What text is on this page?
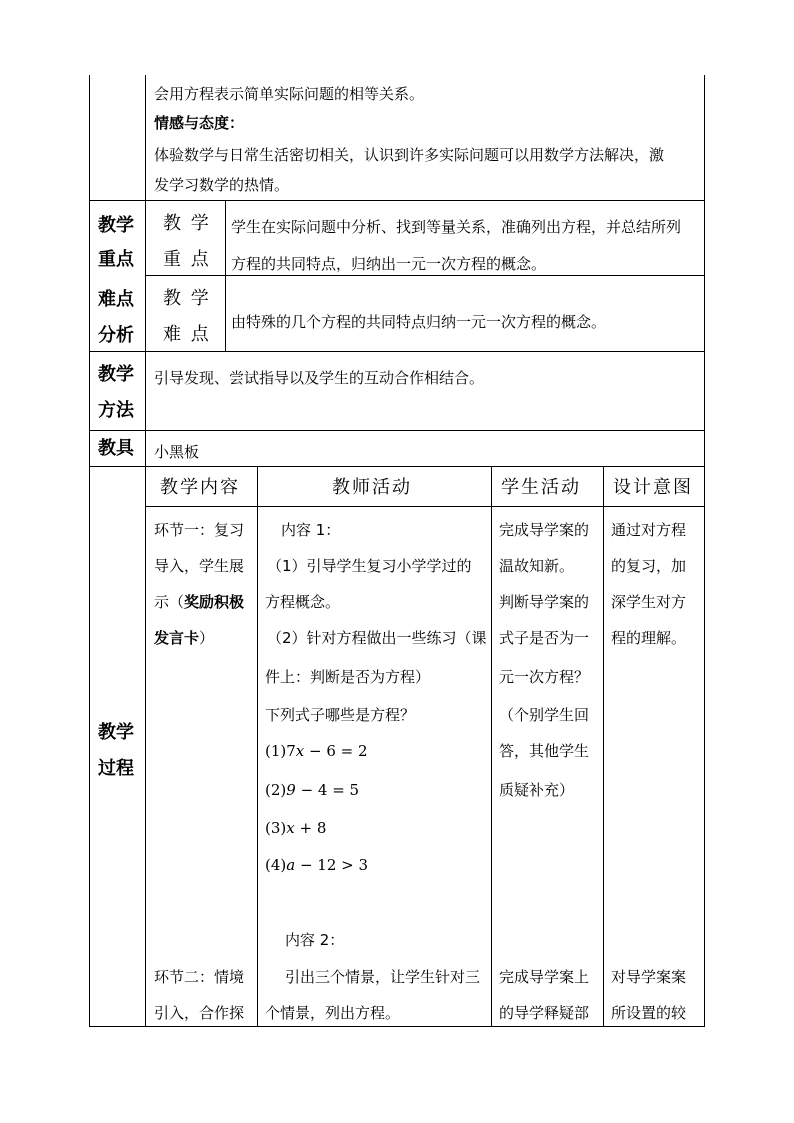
会用方程表示简单实际问题的相等关系。
情感与态度：
体验数学与日常生活密切相关，认识到许多实际问题可以用数学方法解决，激
发学习数学的热情。
教学
重点
难点
分析
教 学
重 点
学生在实际问题中分析、找到等量关系，准确列出方程，并总结所列
方程的共同特点，归纳出一元一次方程的概念。
教 学
难 点
由特殊的几个方程的共同特点归纳一元一次方程的概念。
教学
方法
引导发现、尝试指导以及学生的互动合作相结合。
教具 小黑板
教学
过程
教学内容	教师活动	学生活动 设计意图
环节一：复习
导入，学生展
示（奖励积极
发言卡）
环节二：情境
引入，合作探
内容 1：
（1）引导学生复习小学学过的
方程概念。
（2）针对方程做出一些练习（课
件上：判断是否为方程）
下列式子哪些是方程？
(1)7x − 6 = 2
(2)9 − 4 = 5
(3)x + 8
(4)a − 12 > 3
内容 2：
引出三个情景，让学生针对三
个情景，列出方程。
完成导学案的
温故知新。
判断导学案的
式子是否为一
元一次方程？
（个别学生回
答，其他学生
质疑补充）
完成导学案上
的导学释疑部
通过对方程
的复习，加
深学生对方
程的理解。
对导学案案
所设置的较
